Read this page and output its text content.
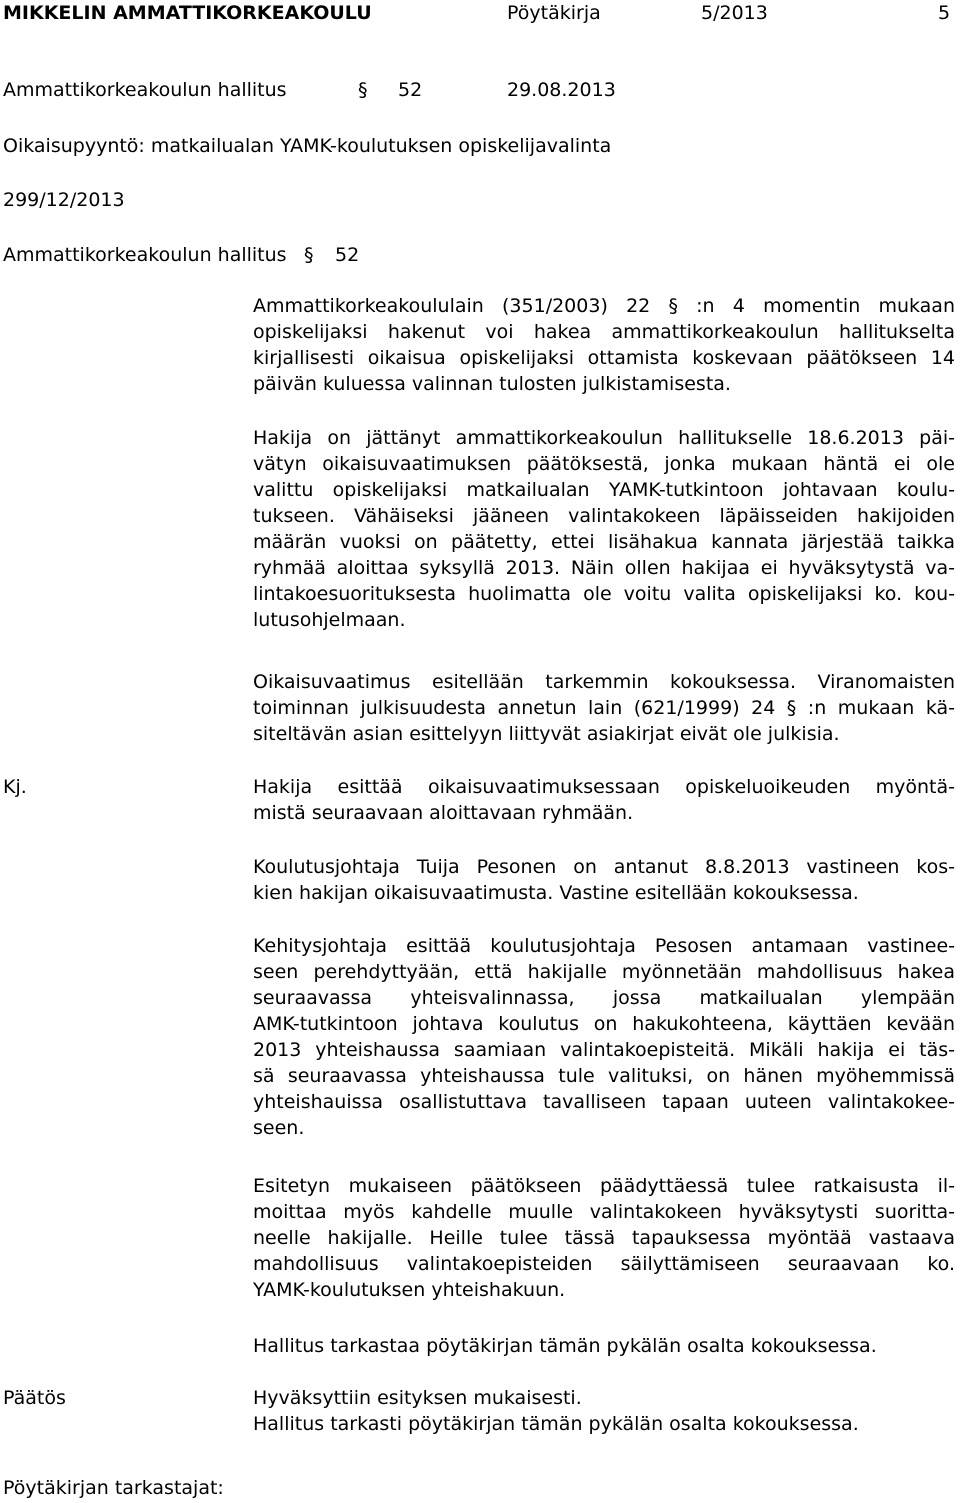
MIKKELIN AMMATTIKORKEAKOULU	Pöytäkirja	5/2013	5
Ammattikorkeakoulun hallitus	§ 52	29.08.2013
Oikaisupyyntö: matkailualan YAMK-koulutuksen opiskelijavalinta
299/12/2013
Ammattikorkeakoulun hallitus § 52
Ammattikorkeakoululain (351/2003) 22 § :n 4 momentin mukaan
opiskelijaksi hakenut voi hakea ammattikorkeakoulun hallitukselta
kirjallisesti oikaisua opiskelijaksi ottamista koskevaan päätökseen 14
päivän kuluessa valinnan tulosten julkistamisesta.
Hakija on jättänyt ammattikorkeakoulun hallitukselle 18.6.2013 päi-
vätyn oikaisuvaatimuksen päätöksestä, jonka mukaan häntä ei ole
valittu opiskelijaksi matkailualan YAMK-tutkintoon johtavaan koulu-
tukseen. Vähäiseksi jääneen valintakokeen läpäisseiden hakijoiden
määrän vuoksi on päätetty, ettei lisähakua kannata järjestää taikka
ryhmää aloittaa syksyllä 2013. Näin ollen hakijaa ei hyväksytystä va-
lintakoesuorituksesta huolimatta ole voitu valita opiskelijaksi ko. kou-
lutusohjelmaan.
Oikaisuvaatimus esitellään tarkemmin kokouksessa. Viranomaisten
toiminnan julkisuudesta annetun lain (621/1999) 24 § :n mukaan kä-
siteltävän asian esittelyyn liittyvät asiakirjat eivät ole julkisia.
Kj.	Hakija esittää oikaisuvaatimuksessaan opiskeluoikeuden myöntä-
mistä seuraavaan aloittavaan ryhmään.
Koulutusjohtaja Tuija Pesonen on antanut 8.8.2013 vastineen kos-
kien hakijan oikaisuvaatimusta. Vastine esitellään kokouksessa.
Kehitysjohtaja esittää koulutusjohtaja Pesosen antamaan vastinee-
seen perehdyttyään, että hakijalle myönnetään mahdollisuus hakea
seuraavassa yhteisvalinnassa, jossa matkailualan ylempään
AMK-tutkintoon johtava koulutus on hakukohteena, käyttäen kevään
2013 yhteishaussa saamiaan valintakoepisteitä. Mikäli hakija ei täs-
sä seuraavassa yhteishaussa tule valituksi, on hänen myöhemmissä
yhteishauissa osallistuttava tavalliseen tapaan uuteen valintakokee-
seen.
Esitetyn mukaiseen päätökseen päädyttäessä tulee ratkaisusta il-
moittaa myös kahdelle muulle valintakokeen hyväksytysti suoritta-
neelle hakijalle. Heille tulee tässä tapauksessa myöntää vastaava
mahdollisuus valintakoepisteiden säilyttämiseen seuraavaan ko.
YAMK-koulutuksen yhteishakuun.
Hallitus tarkastaa pöytäkirjan tämän pykälän osalta kokouksessa.
Päätös	Hyväksyttiin esityksen mukaisesti.
Hallitus tarkasti pöytäkirjan tämän pykälän osalta kokouksessa.
Pöytäkirjan tarkastajat:
